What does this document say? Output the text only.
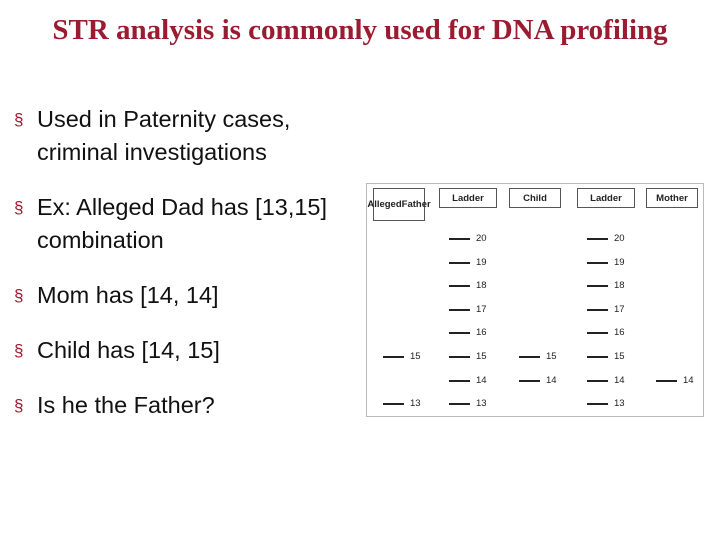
STR analysis is commonly used for DNA profiling
§ Used in Paternity cases, criminal investigations
§ Ex: Alleged Dad has [13,15] combination
§ Mom has [14, 14]
§ Child has [14, 15]
§ Is he the Father?
Alleged Father
15
13
Ladder
20
19
18
17
16
15
14
13
Child
15
14
Ladder
20
19
18
17
16
15
14
13
Mother
14
